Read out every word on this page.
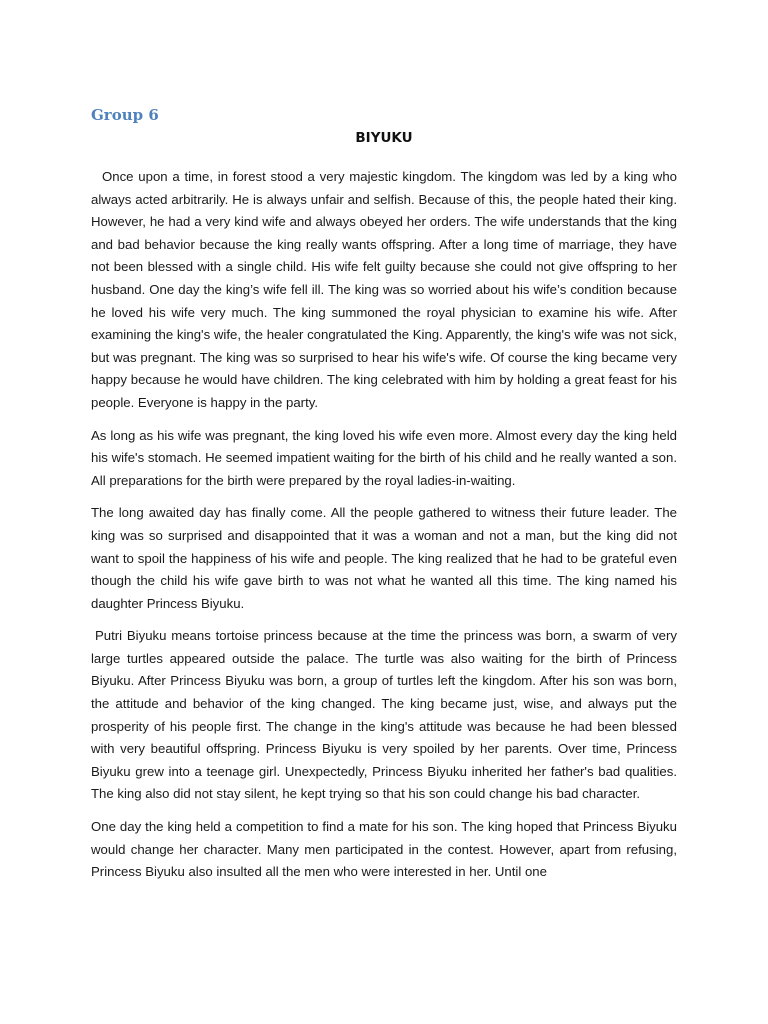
Group 6
BIYUKU

Once upon a time, in forest stood a very majestic kingdom. The kingdom was led by a king who always acted arbitrarily. He is always unfair and selfish. Because of this, the people hated their king. However, he had a very kind wife and always obeyed her orders. The wife understands that the king and bad behavior because the king really wants offspring. After a long time of marriage, they have not been blessed with a single child. His wife felt guilty because she could not give offspring to her husband. One day the king’s wife fell ill. The king was so worried about his wife’s condition because he loved his wife very much. The king summoned the royal physician to examine his wife. After examining the king's wife, the healer congratulated the King. Apparently, the king's wife was not sick, but was pregnant. The king was so surprised to hear his wife's wife. Of course the king became very happy because he would have children. The king celebrated with him by holding a great feast for his people. Everyone is happy in the party.

As long as his wife was pregnant, the king loved his wife even more. Almost every day the king held his wife's stomach. He seemed impatient waiting for the birth of his child and he really wanted a son. All preparations for the birth were prepared by the royal ladies-in-waiting.

The long awaited day has finally come. All the people gathered to witness their future leader. The king was so surprised and disappointed that it was a woman and not a man, but the king did not want to spoil the happiness of his wife and people. The king realized that he had to be grateful even though the child his wife gave birth to was not what he wanted all this time. The king named his daughter Princess Biyuku.

Putri Biyuku means tortoise princess because at the time the princess was born, a swarm of very large turtles appeared outside the palace. The turtle was also waiting for the birth of Princess Biyuku. After Princess Biyuku was born, a group of turtles left the kingdom. After his son was born, the attitude and behavior of the king changed. The king became just, wise, and always put the prosperity of his people first. The change in the king's attitude was because he had been blessed with very beautiful offspring. Princess Biyuku is very spoiled by her parents. Over time, Princess Biyuku grew into a teenage girl. Unexpectedly, Princess Biyuku inherited her father's bad qualities. The king also did not stay silent, he kept trying so that his son could change his bad character.

One day the king held a competition to find a mate for his son. The king hoped that Princess Biyuku would change her character. Many men participated in the contest. However, apart from refusing, Princess Biyuku also insulted all the men who were interested in her. Until one
